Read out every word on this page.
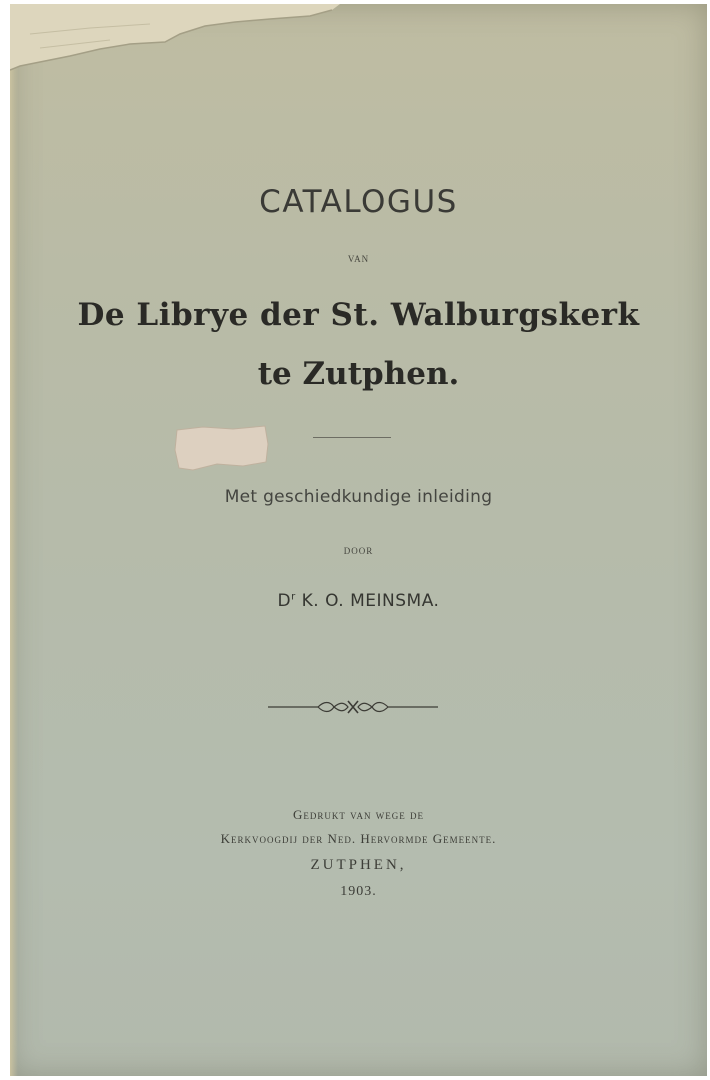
CATALOGUS
VAN
De Librye der St. Walburgskerk
te Zutphen.
Met geschiedkundige inleiding
DOOR
$D^r$ K. O. MEINSMA.
Gedrukt van wege de
Kerkvoogdij der Ned. Hervormde Gemeente.
ZUTPHEN,
1903.
